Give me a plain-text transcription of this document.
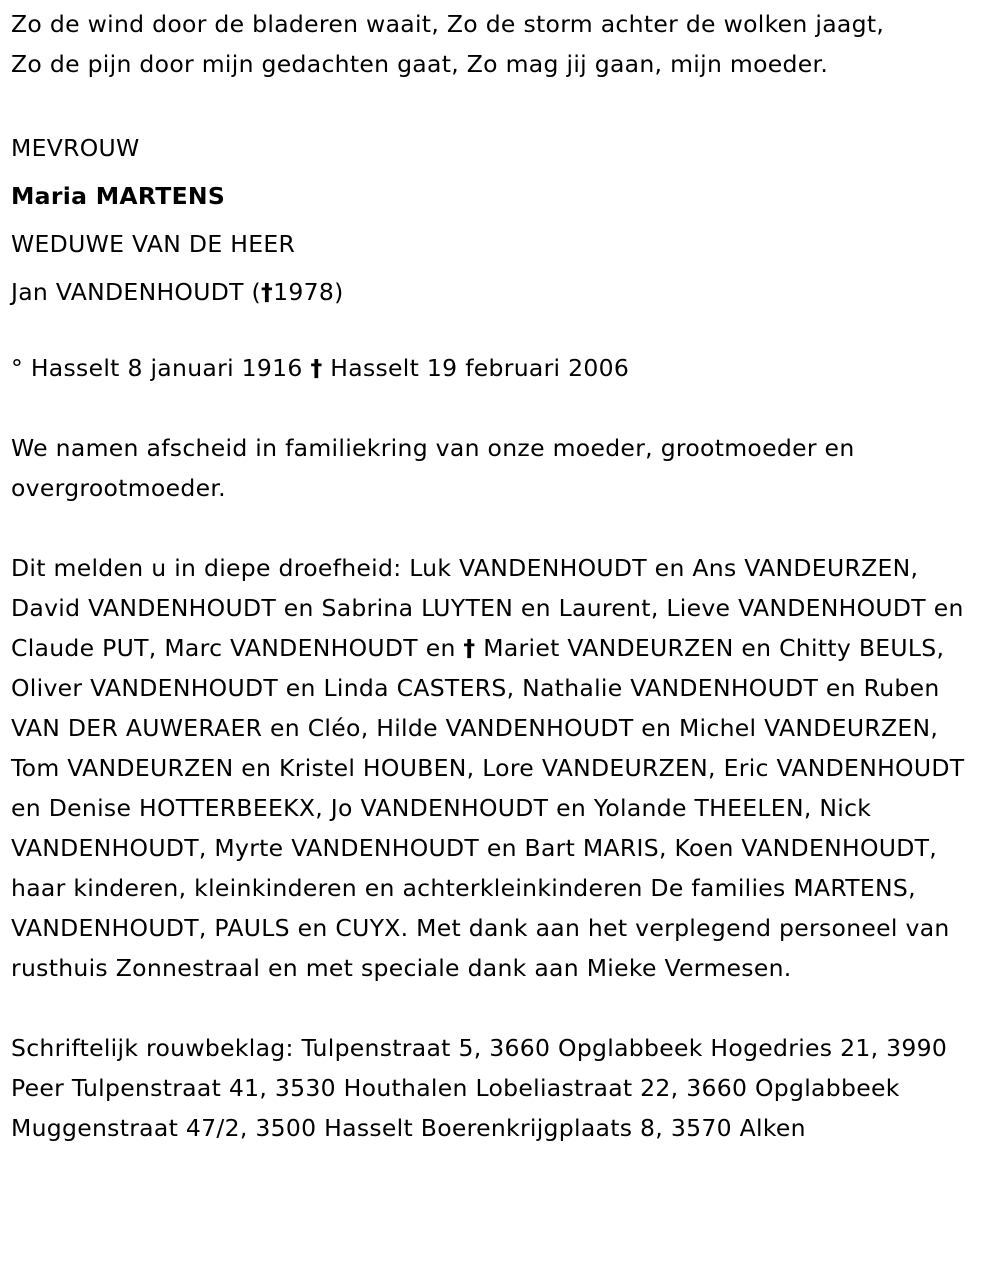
Zo de wind door de bladeren waait, Zo de storm achter de wolken jaagt,

Zo de pijn door mijn gedachten gaat, Zo mag jij gaan, mijn moeder.

MEVROUW

Maria MARTENS

WEDUWE VAN DE HEER

Jan VANDENHOUDT (†1978)

° Hasselt 8 januari 1916 † Hasselt 19 februari 2006

We namen afscheid in familiekring van onze moeder, grootmoeder en overgrootmoeder.

Dit melden u in diepe droefheid: Luk VANDENHOUDT en Ans VANDEURZEN, David VANDENHOUDT en Sabrina LUYTEN en Laurent, Lieve VANDENHOUDT en Claude PUT, Marc VANDENHOUDT en † Mariet VANDEURZEN en Chitty BEULS, Oliver VANDENHOUDT en Linda CASTERS, Nathalie VANDENHOUDT en Ruben VAN DER AUWERAER en Cléo, Hilde VANDENHOUDT en Michel VANDEURZEN, Tom VANDEURZEN en Kristel HOUBEN, Lore VANDEURZEN, Eric VANDENHOUDT en Denise HOTTERBEEKX, Jo VANDENHOUDT en Yolande THEELEN, Nick VANDENHOUDT, Myrte VANDENHOUDT en Bart MARIS, Koen VANDENHOUDT, haar kinderen, kleinkinderen en achterkleinkinderen De families MARTENS, VANDENHOUDT, PAULS en CUYX. Met dank aan het verplegend personeel van rusthuis Zonnestraal en met speciale dank aan Mieke Vermesen.

Schriftelijk rouwbeklag: Tulpenstraat 5, 3660 Opglabbeek Hogedries 21, 3990 Peer Tulpenstraat 41, 3530 Houthalen Lobeliastraat 22, 3660 Opglabbeek Muggenstraat 47/2, 3500 Hasselt Boerenkrijgplaats 8, 3570 Alken
